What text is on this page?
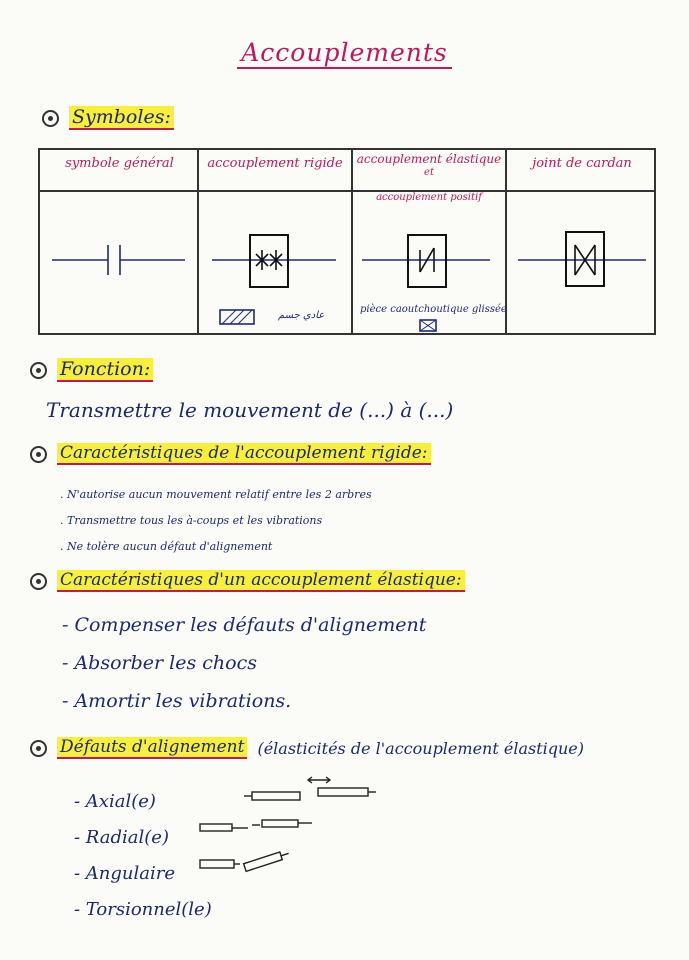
Accouplements
Symboles:
symbole général	accouplement rigide	accouplement élastique
et
accouplement positif
joint de cardan
عادي جسم
pièce caoutchoutique glissée
Fonction:
Transmettre le mouvement de (...) à (...)
Caractéristiques de l'accouplement rigide:
. N'autorise aucun mouvement relatif entre les 2 arbres
. Transmettre tous les à-coups et les vibrations
. Ne tolère aucun défaut d'alignement
Caractéristiques d'un accouplement élastique:
- Compenser les défauts d'alignement
- Absorber les chocs
- Amortir les vibrations.
Défauts d'alignement (élasticités de l'accouplement élastique)
- Axial(e)
- Radial(e)
- Angulaire
- Torsionnel(le)
